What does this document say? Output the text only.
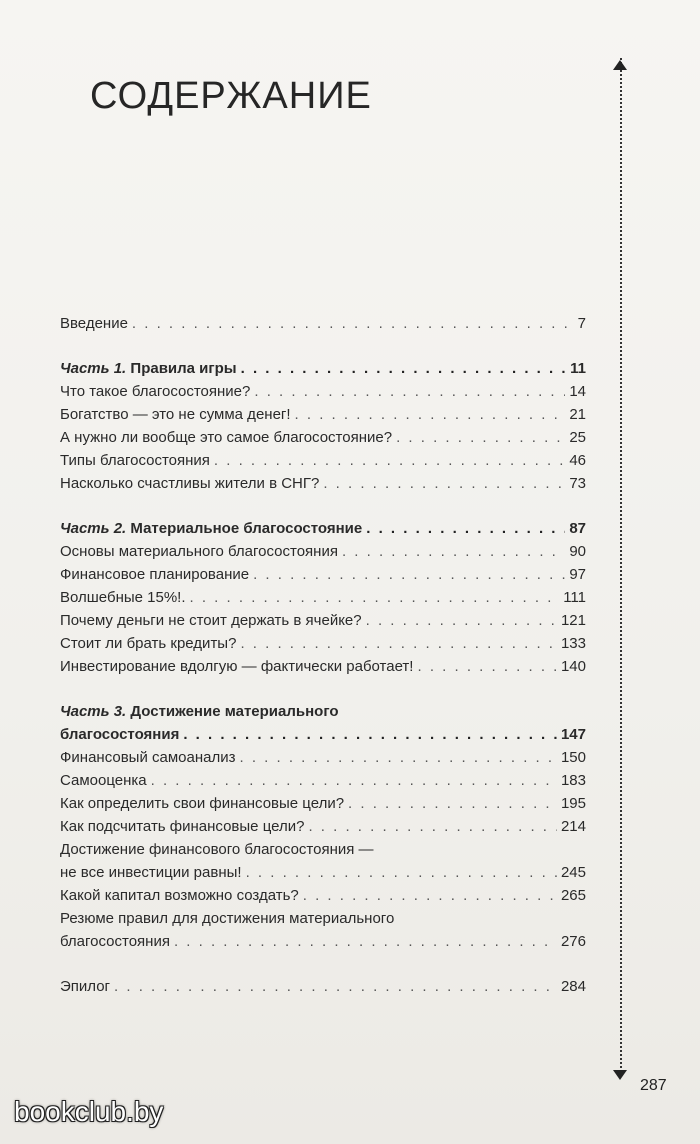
СОДЕРЖАНИЕ
Введение . . .	7
Часть 1. Правила игры . . .	11
Что такое благосостояние? . . .	14
Богатство — это не сумма денег! . . .	21
А нужно ли вообще это самое благосостояние? . . .	25
Типы благосостояния . . .	46
Насколько счастливы жители в СНГ? . . .	73
Часть 2. Материальное благосостояние . . .	87
Основы материального благосостояния . . .	90
Финансовое планирование . . .	97
Волшебные 15%!. . . .	111
Почему деньги не стоит держать в ячейке? . . .	121
Стоит ли брать кредиты? . . .	133
Инвестирование вдолгую — фактически работает! . . .	140
Часть 3. Достижение материального
благосостояния . . .	147
Финансовый самоанализ . . .	150
Самооценка . . .	183
Как определить свои финансовые цели? . . .	195
Как подсчитать финансовые цели? . . .	214
Достижение финансового благосостояния —
не все инвестиции равны! . . .	245
Какой капитал возможно создать? . . .	265
Резюме правил для достижения материального
благосостояния . . .	276
Эпилог . . .	284
287
bookclub.by
